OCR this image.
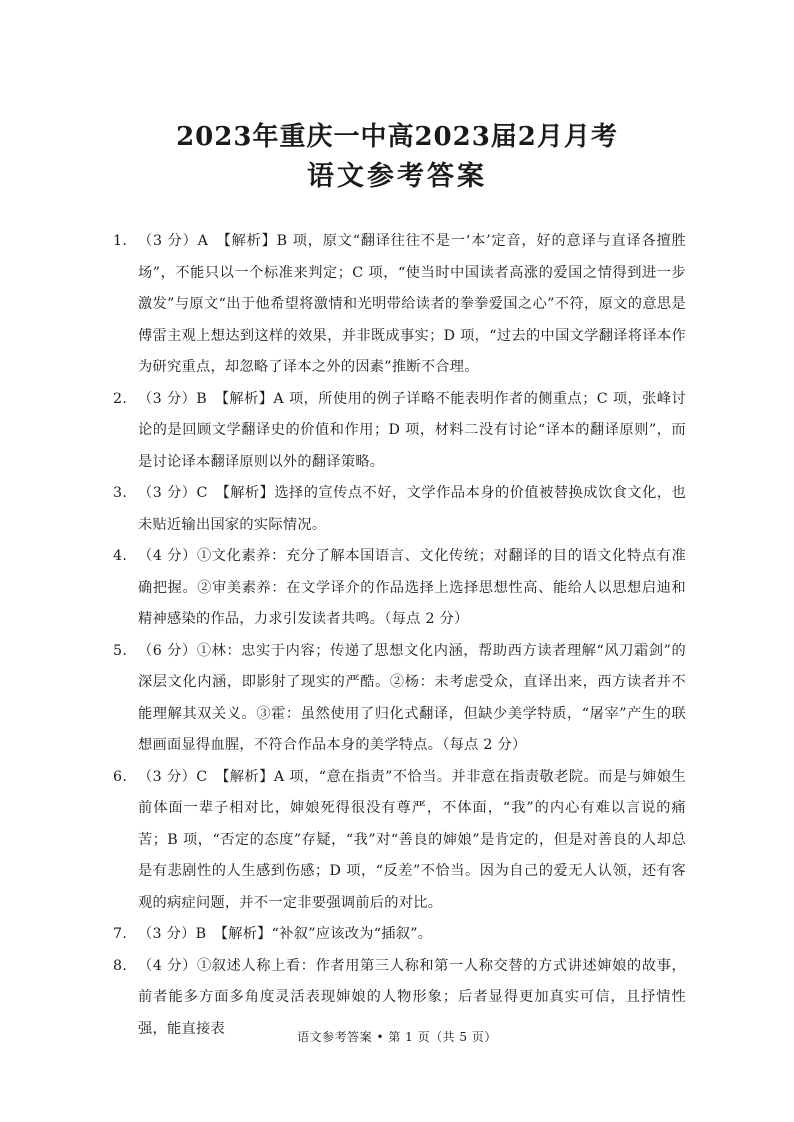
2023年重庆一中高2023届2月月考
语文参考答案
1. （3 分）A　【解析】B 项，原文“翻译往往不是一‘本’定音，好的意译与直译各擅胜场”，不能只以一个标准来判定；C 项，“使当时中国读者高涨的爱国之情得到进一步激发”与原文“出于他希望将激情和光明带给读者的拳拳爱国之心”不符，原文的意思是傅雷主观上想达到这样的效果，并非既成事实；D 项，“过去的中国文学翻译将译本作为研究重点，却忽略了译本之外的因素”推断不合理。
2. （3 分）B　【解析】A 项，所使用的例子详略不能表明作者的侧重点；C 项，张峰讨论的是回顾文学翻译史的价值和作用；D 项，材料二没有讨论“译本的翻译原则”，而是讨论译本翻译原则以外的翻译策略。
3. （3 分）C　【解析】选择的宣传点不好，文学作品本身的价值被替换成饮食文化，也未贴近输出国家的实际情况。
4. （4 分）①文化素养：充分了解本国语言、文化传统；对翻译的目的语文化特点有准确把握。②审美素养：在文学译介的作品选择上选择思想性高、能给人以思想启迪和精神感染的作品，力求引发读者共鸣。（每点 2 分）
5. （6 分）①林：忠实于内容；传递了思想文化内涵，帮助西方读者理解“风刀霜剑”的深层文化内涵，即影射了现实的严酷。②杨：未考虑受众，直译出来，西方读者并不能理解其双关义。③霍：虽然使用了归化式翻译，但缺少美学特质，“屠宰”产生的联想画面显得血腥，不符合作品本身的美学特点。（每点 2 分）
6. （3 分）C　【解析】A 项，“意在指责”不恰当。并非意在指责敬老院。而是与婶娘生前体面一辈子相对比，婶娘死得很没有尊严，不体面，“我”的内心有难以言说的痛苦；B 项，“否定的态度”存疑，“我”对“善良的婶娘”是肯定的，但是对善良的人却总是有悲剧性的人生感到伤感；D 项，“反差”不恰当。因为自己的爱无人认领，还有客观的病症问题，并不一定非要强调前后的对比。
7. （3 分）B　【解析】“补叙”应该改为“插叙”。
8. （4 分）①叙述人称上看：作者用第三人称和第一人称交替的方式讲述婶娘的故事，前者能多方面多角度灵活表现婶娘的人物形象；后者显得更加真实可信，且抒情性强，能直接表
语文参考答案 • 第 1 页（共 5 页）
